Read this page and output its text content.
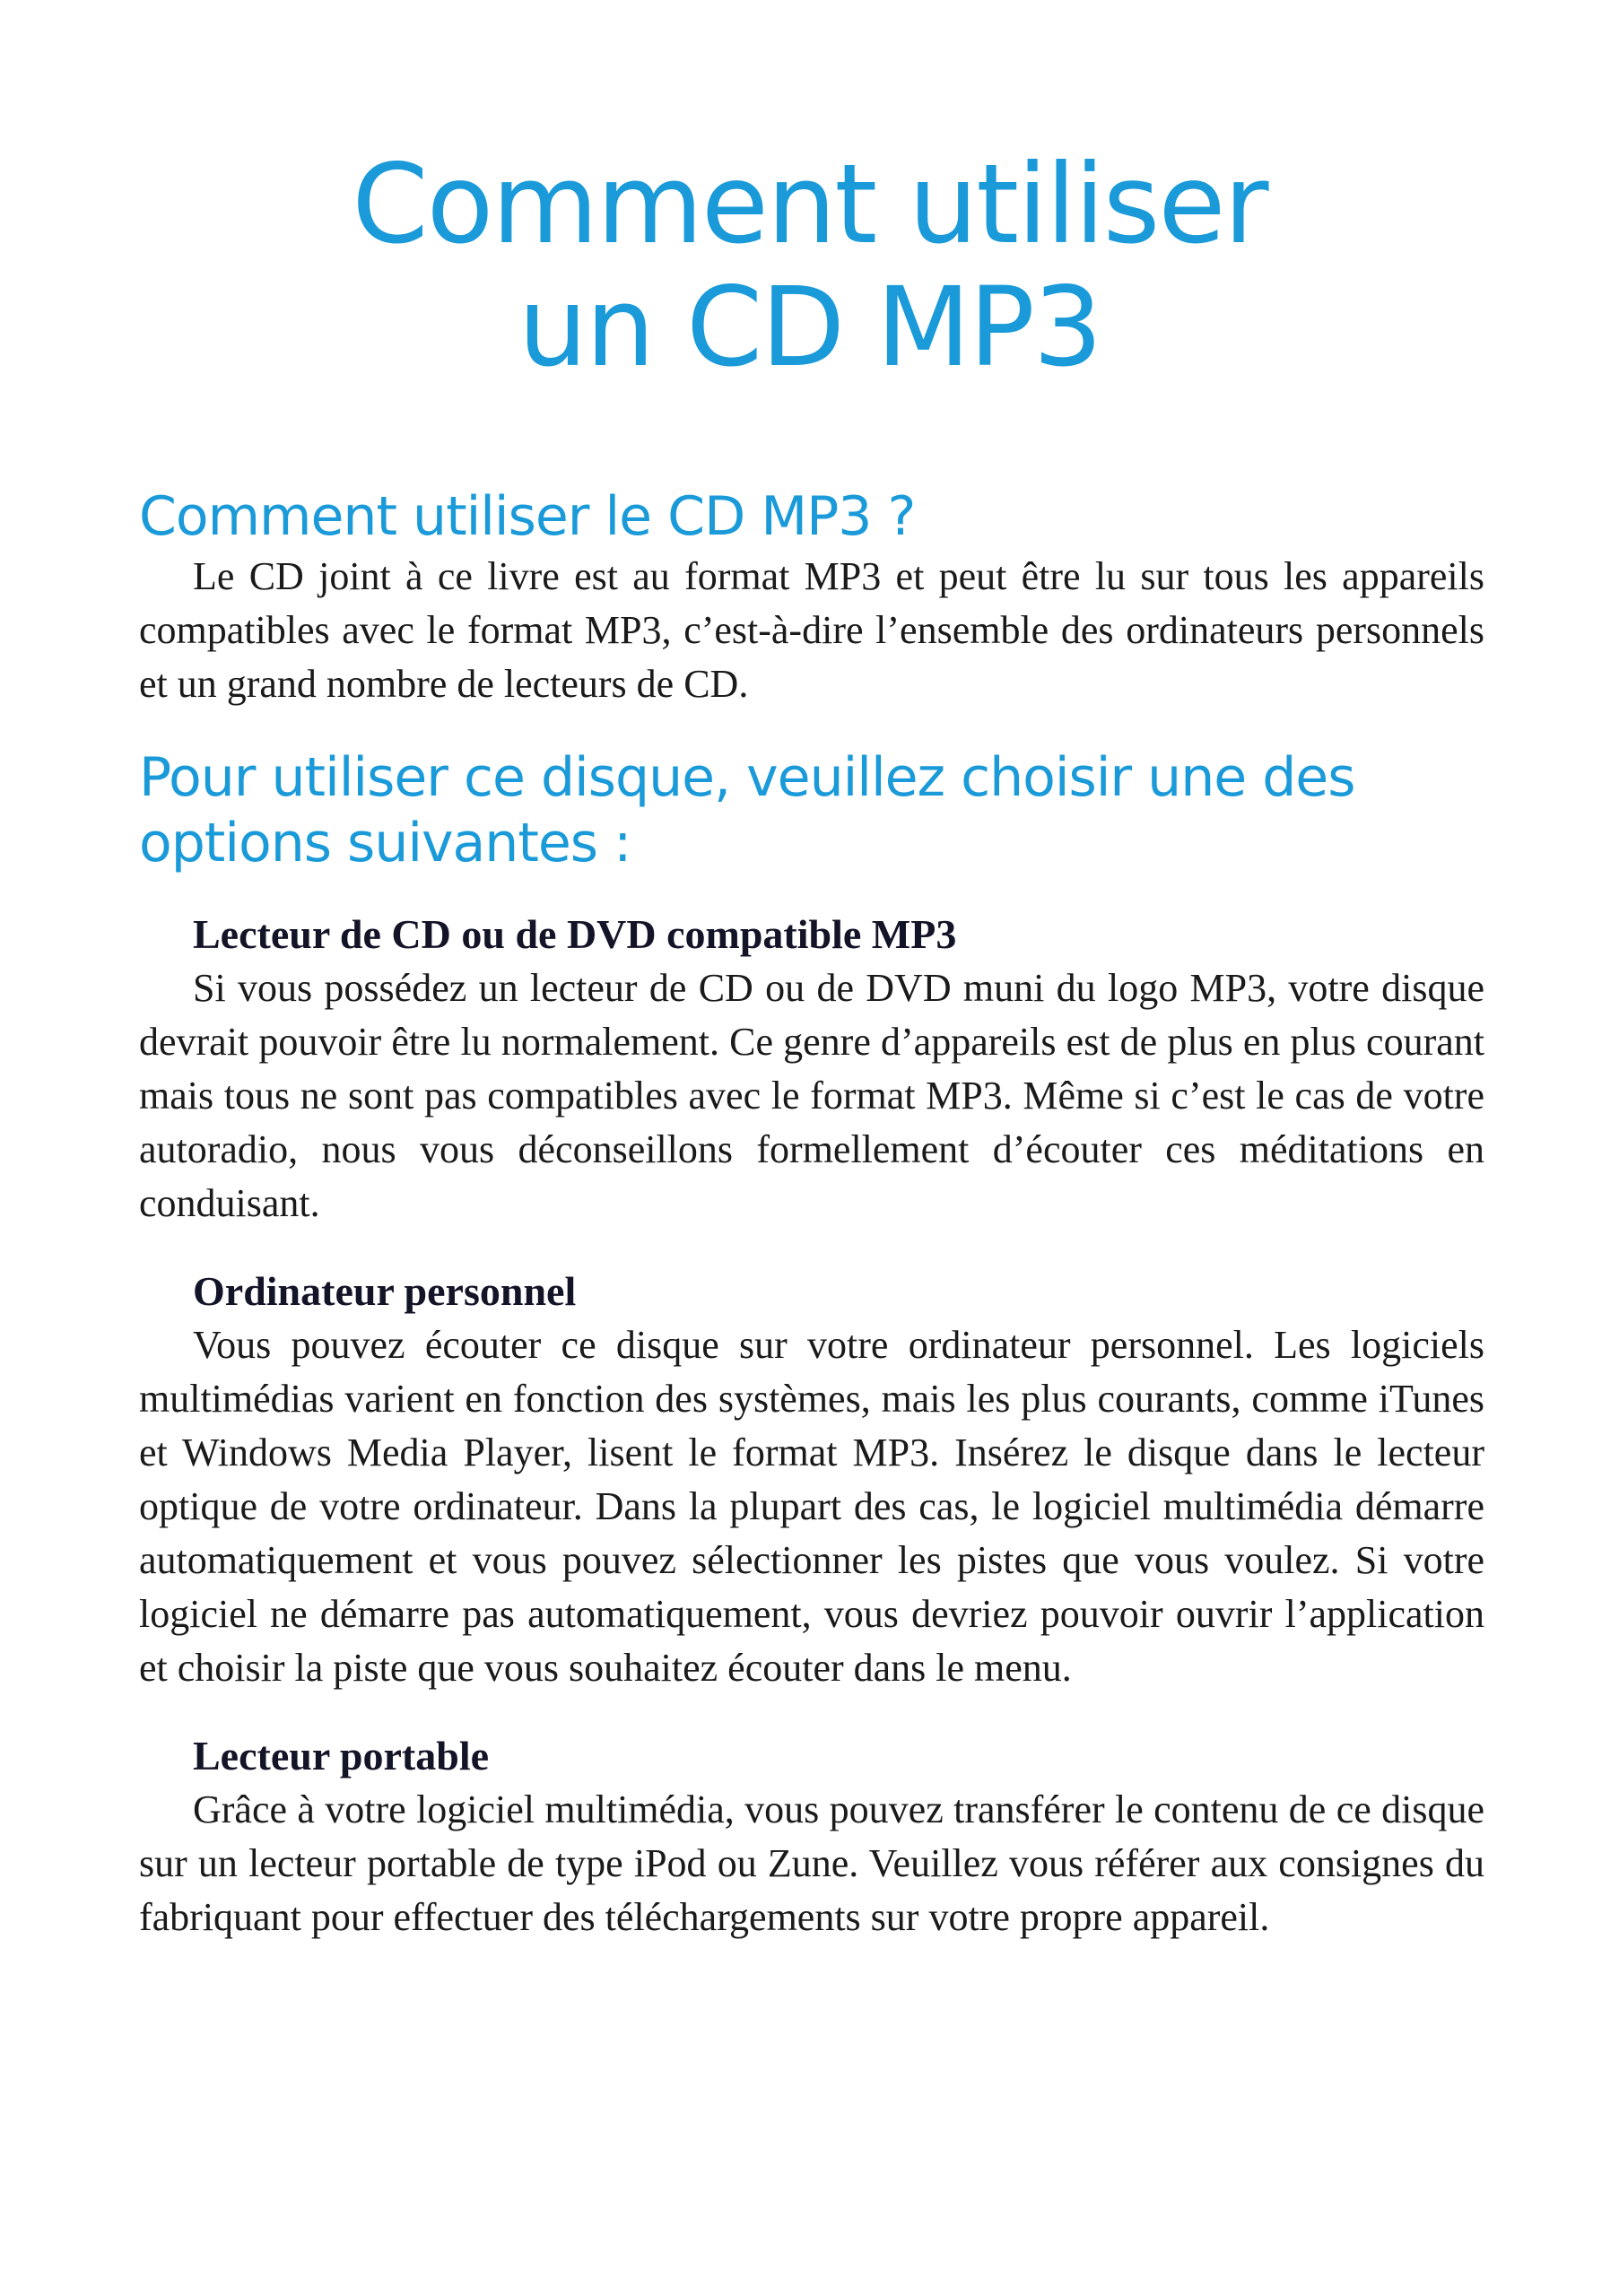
Comment utiliser
un CD MP3
Comment utiliser le CD MP3 ?

Le CD joint à ce livre est au format MP3 et peut être lu sur tous les appareils compatibles avec le format MP3, c’est-à-dire l’ensemble des ordinateurs personnels et un grand nombre de lecteurs de CD.

Pour utiliser ce disque, veuillez choisir une des options suivantes :
Lecteur de CD ou de DVD compatible MP3

Si vous possédez un lecteur de CD ou de DVD muni du logo MP3, votre disque devrait pouvoir être lu normalement. Ce genre d’appareils est de plus en plus courant mais tous ne sont pas compatibles avec le format MP3. Même si c’est le cas de votre autoradio, nous vous déconseillons formellement d’écouter ces méditations en conduisant.

Ordinateur personnel

Vous pouvez écouter ce disque sur votre ordinateur personnel. Les logiciels multimédias varient en fonction des systèmes, mais les plus courants, comme iTunes et Windows Media Player, lisent le format MP3. Insérez le disque dans le lecteur optique de votre ordinateur. Dans la plupart des cas, le logiciel multimédia démarre automatiquement et vous pouvez sélectionner les pistes que vous voulez. Si votre logiciel ne démarre pas automatiquement, vous devriez pouvoir ouvrir l’application et choisir la piste que vous souhaitez écouter dans le menu.

Lecteur portable

Grâce à votre logiciel multimédia, vous pouvez transférer le contenu de ce disque sur un lecteur portable de type iPod ou Zune. Veuillez vous référer aux consignes du fabriquant pour effectuer des téléchargements sur votre propre appareil.
